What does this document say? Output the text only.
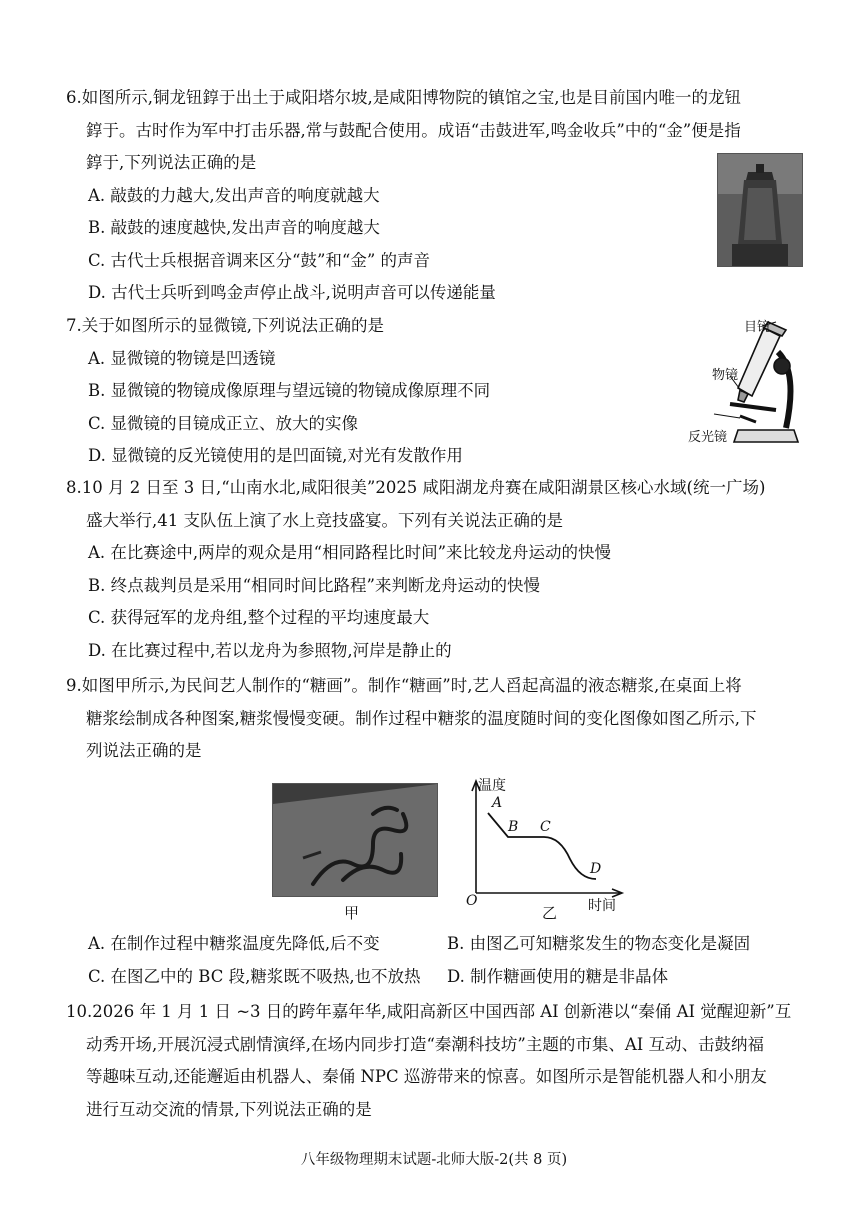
6.如图所示,铜龙钮錞于出土于咸阳塔尔坡,是咸阳博物院的镇馆之宝,也是目前国内唯一的龙钮

錞于。古时作为军中打击乐器,常与鼓配合使用。成语“击鼓进军,鸣金收兵”中的“金”便是指

錞于,下列说法正确的是

A. 敲鼓的力越大,发出声音的响度就越大

B. 敲鼓的速度越快,发出声音的响度越大

C. 古代士兵根据音调来区分“鼓”和“金” 的声音

D. 古代士兵听到鸣金声停止战斗,说明声音可以传递能量

7.关于如图所示的显微镜,下列说法正确的是

A. 显微镜的物镜是凹透镜

B. 显微镜的物镜成像原理与望远镜的物镜成像原理不同

C. 显微镜的目镜成正立、放大的实像

D. 显微镜的反光镜使用的是凹面镜,对光有发散作用

目镜
物镜
反光镜

8.10 月 2 日至 3 日,“山南水北,咸阳很美”2025 咸阳湖龙舟赛在咸阳湖景区核心水域(统一广场)

盛大举行,41 支队伍上演了水上竞技盛宴。下列有关说法正确的是

A. 在比赛途中,两岸的观众是用“相同路程比时间”来比较龙舟运动的快慢

B. 终点裁判员是采用“相同时间比路程”来判断龙舟运动的快慢

C. 获得冠军的龙舟组,整个过程的平均速度最大

D. 在比赛过程中,若以龙舟为参照物,河岸是静止的

9.如图甲所示,为民间艺人制作的“糖画”。制作“糖画”时,艺人舀起高温的液态糖浆,在桌面上将

糖浆绘制成各种图案,糖浆慢慢变硬。制作过程中糖浆的温度随时间的变化图像如图乙所示,下

列说法正确的是

甲
温度
时间
O
A
B C
D
乙

A. 在制作过程中糖浆温度先降低,后不变	B. 由图乙可知糖浆发生的物态变化是凝固

C. 在图乙中的 BC 段,糖浆既不吸热,也不放热	D. 制作糖画使用的糖是非晶体

10.2026 年 1 月 1 日 ~3 日的跨年嘉年华,咸阳高新区中国西部 AI 创新港以“秦俑 AI 觉醒迎新”互

动秀开场,开展沉浸式剧情演绎,在场内同步打造“秦潮科技坊”主题的市集、AI 互动、击鼓纳福

等趣味互动,还能邂逅由机器人、秦俑 NPC 巡游带来的惊喜。如图所示是智能机器人和小朋友

进行互动交流的情景,下列说法正确的是

八年级物理期末试题-北师大版-2(共 8 页)
